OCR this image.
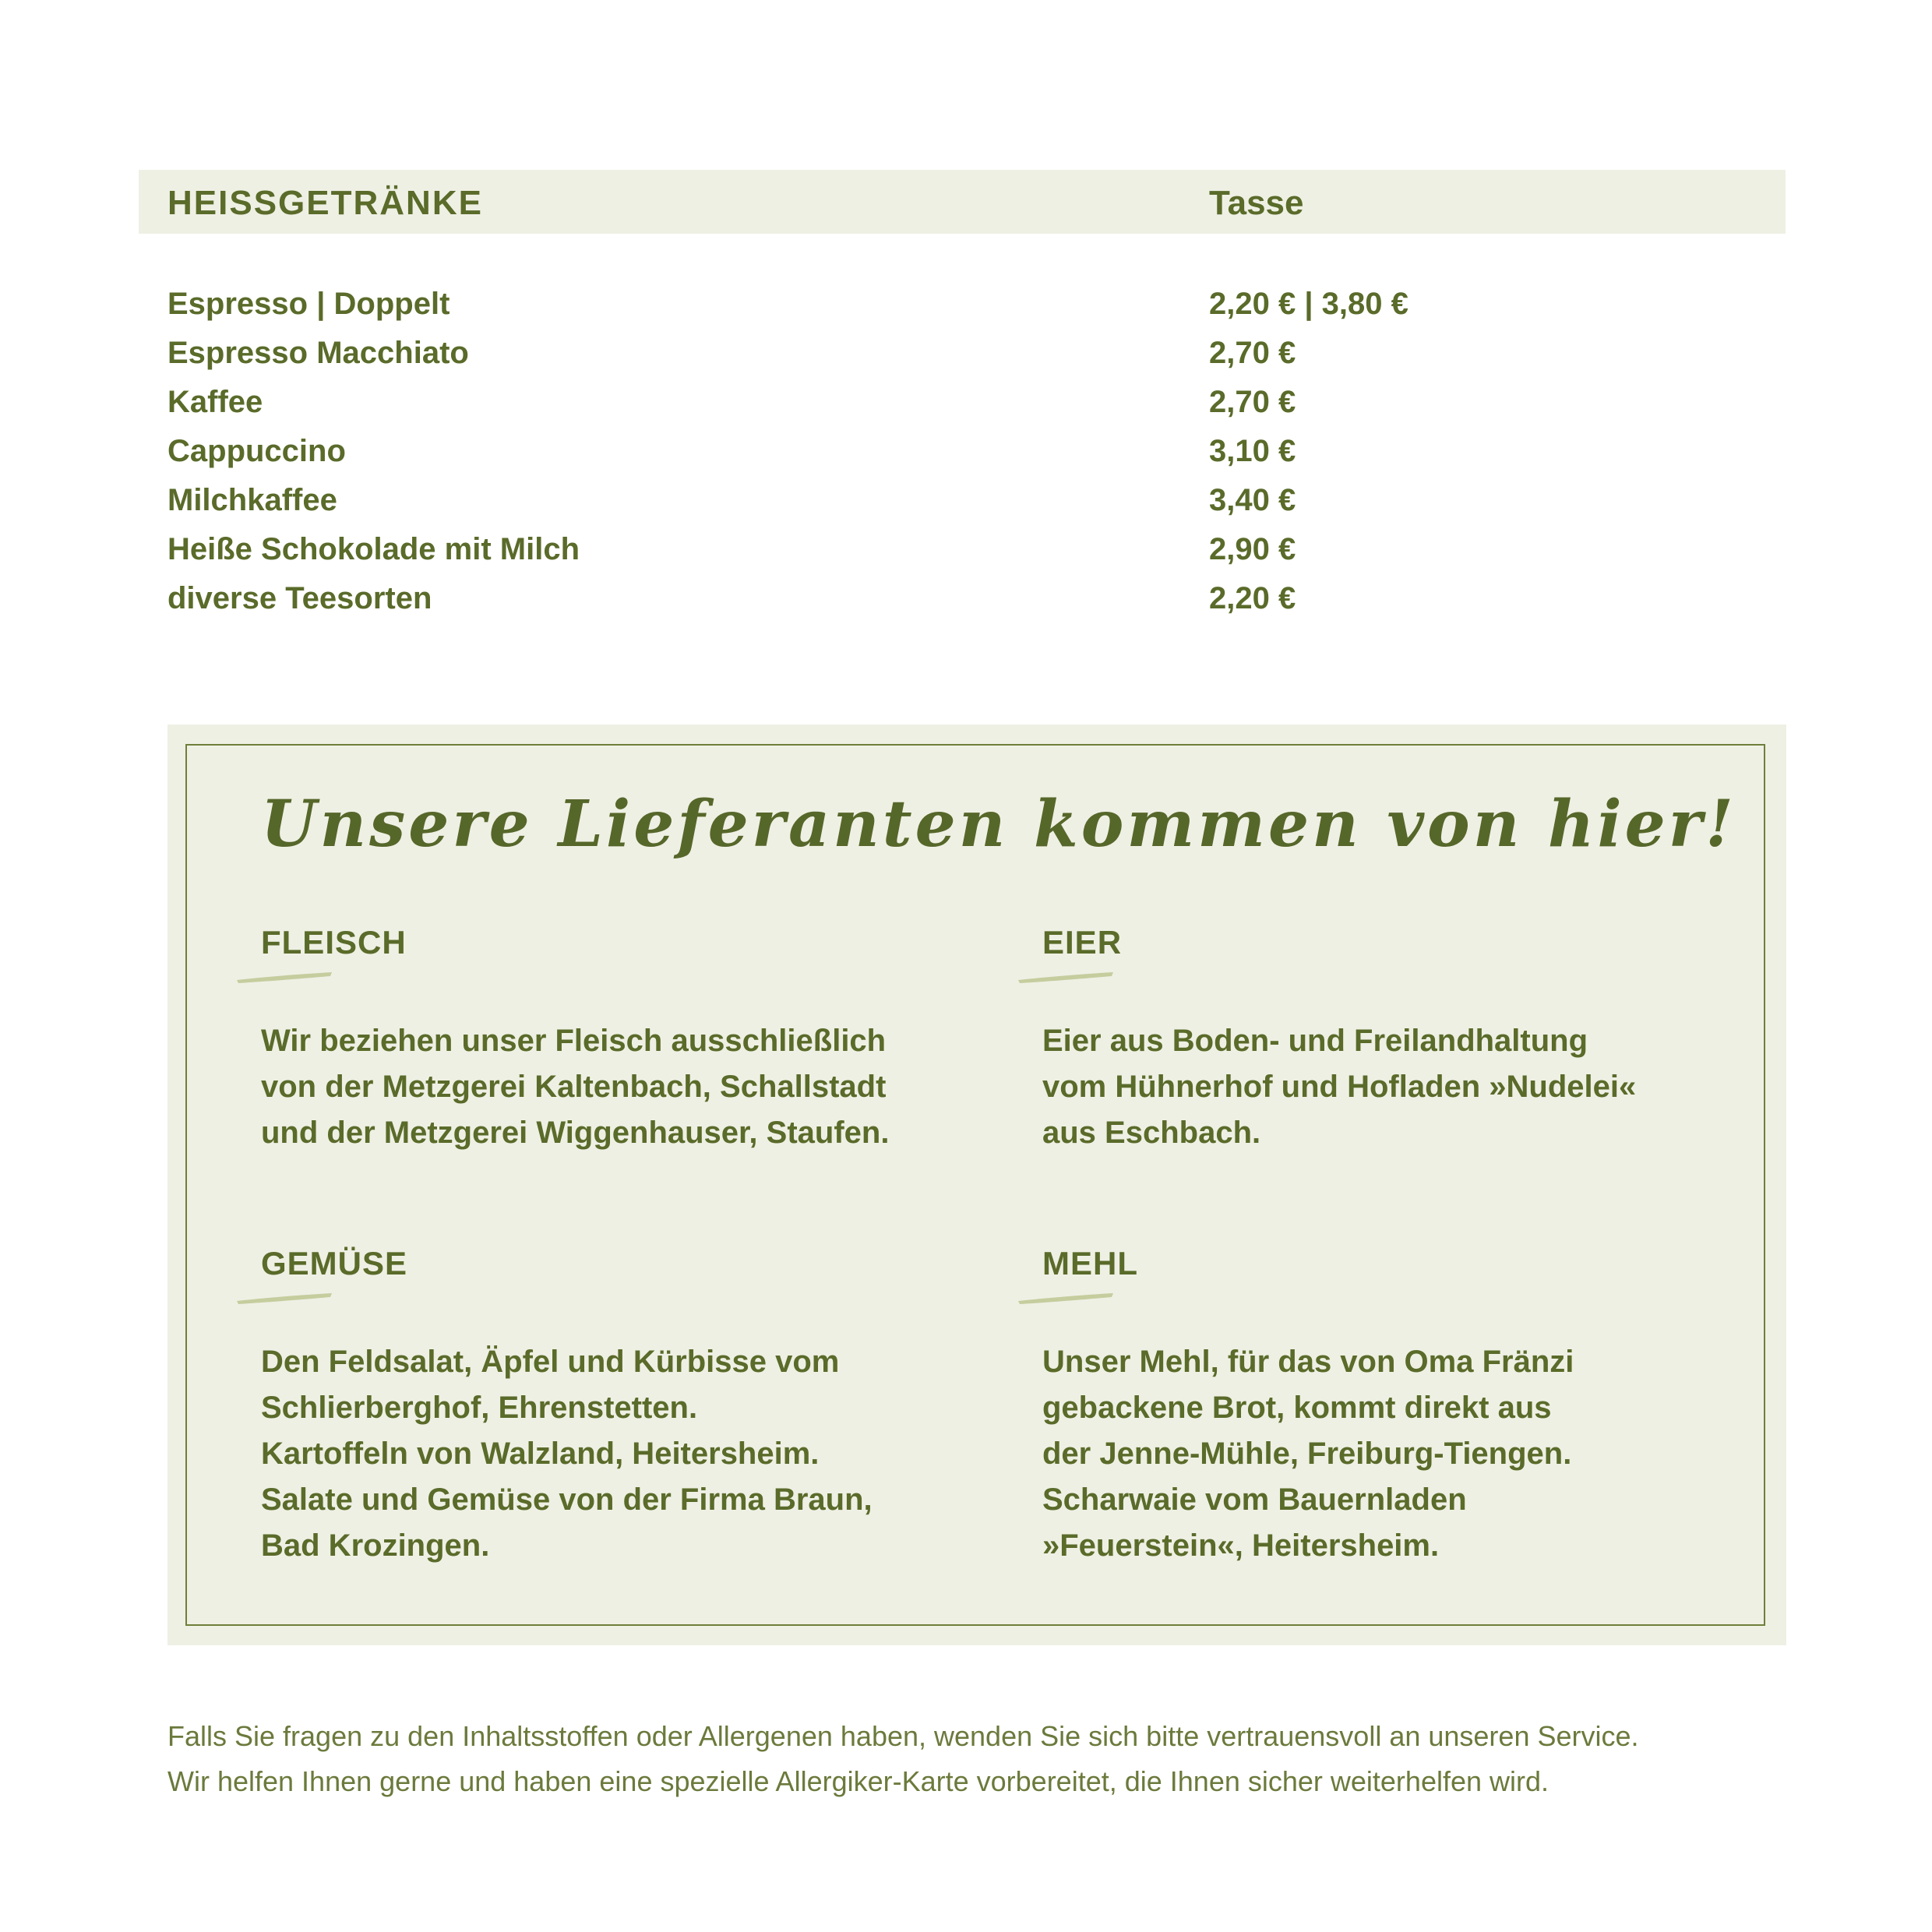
HEISSGETRÄNKE	Tasse
Espresso | Doppelt	2,20 € | 3,80 €
Espresso Macchiato	2,70 €
Kaffee	2,70 €
Cappuccino	3,10 €
Milchkaffee	3,40 €
Heiße Schokolade mit Milch	2,90 €
diverse Teesorten	2,20 €
Unsere Lieferanten kommen von hier!
FLEISCH
Wir beziehen unser Fleisch ausschließlich
von der Metzgerei Kaltenbach, Schallstadt
und der Metzgerei Wiggenhauser, Staufen.
EIER
Eier aus Boden- und Freilandhaltung
vom Hühnerhof und Hofladen »Nudelei«
aus Eschbach.
GEMÜSE
Den Feldsalat, Äpfel und Kürbisse vom
Schlierberghof, Ehrenstetten.
Kartoffeln von Walzland, Heitersheim.
Salate und Gemüse von der Firma Braun,
Bad Krozingen.
MEHL
Unser Mehl, für das von Oma Fränzi
gebackene Brot, kommt direkt aus
der Jenne-Mühle, Freiburg-Tiengen.
Scharwaie vom Bauernladen
»Feuerstein«, Heitersheim.
Falls Sie fragen zu den Inhaltsstoffen oder Allergenen haben, wenden Sie sich bitte vertrauensvoll an unseren Service.
Wir helfen Ihnen gerne und haben eine spezielle Allergiker-Karte vorbereitet, die Ihnen sicher weiterhelfen wird.
